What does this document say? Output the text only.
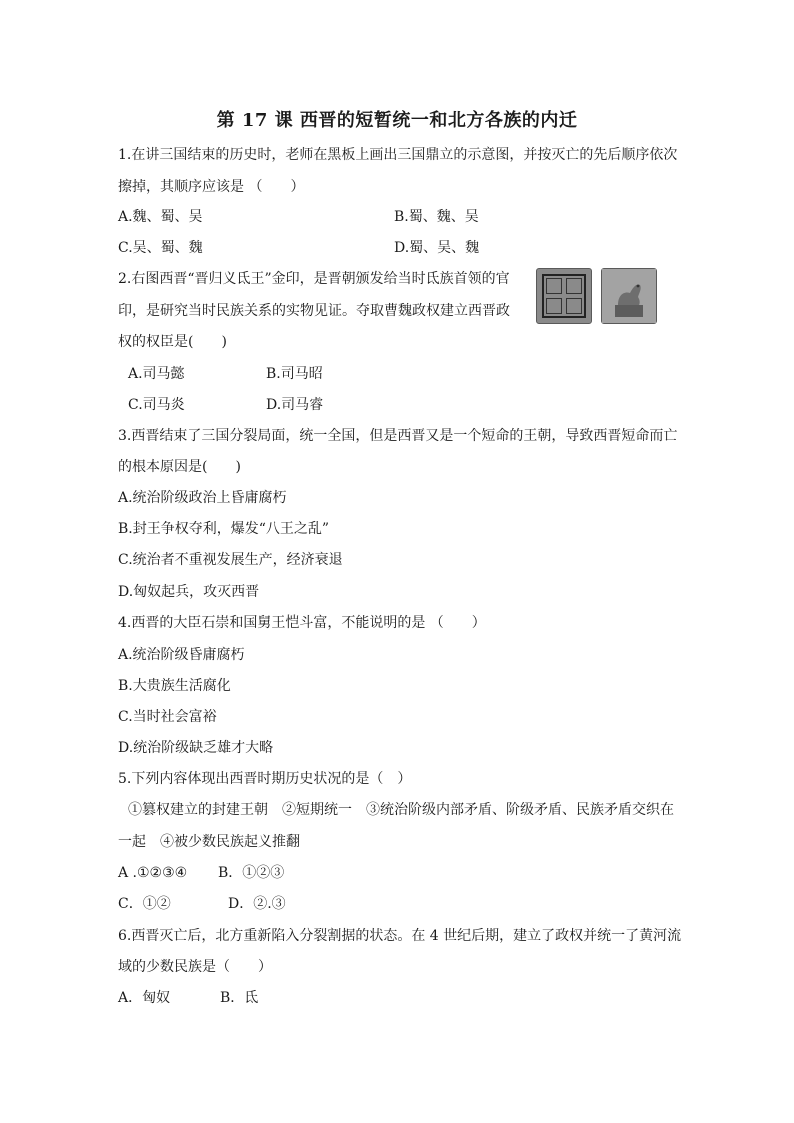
第 17 课 西晋的短暂统一和北方各族的内迁
1.在讲三国结束的历史时，老师在黑板上画出三国鼎立的示意图，并按灭亡的先后顺序依次
擦掉，其顺序应该是 （　　）
A.魏、蜀、吴	B.蜀、魏、吴
C.吴、蜀、魏	D.蜀、吴、魏
2.右图西晋“晋归义氐王”金印，是晋朝颁发给当时氐族首领的官
印，是研究当时民族关系的实物见证。夺取曹魏政权建立西晋政
权的权臣是(　　)
A.司马懿	B.司马昭
C.司马炎	D.司马睿
3.西晋结束了三国分裂局面，统一全国，但是西晋又是一个短命的王朝，导致西晋短命而亡
的根本原因是(　　)
A.统治阶级政治上昏庸腐朽
B.封王争权夺利，爆发“八王之乱”
C.统治者不重视发展生产，经济衰退
D.匈奴起兵，攻灭西晋
4.西晋的大臣石崇和国舅王恺斗富，不能说明的是 （　　）
A.统治阶级昏庸腐朽
B.大贵族生活腐化
C.当时社会富裕
D.统治阶级缺乏雄才大略
5.下列内容体现出西晋时期历史状况的是（　）
①篡权建立的封建王朝　②短期统一　③统治阶级内部矛盾、阶级矛盾、民族矛盾交织在
一起　④被少数民族起义推翻
A .①②③④ B．①②③
C．①②	D．②.③
6.西晋灭亡后，北方重新陷入分裂割据的状态。在 4 世纪后期，建立了政权并统一了黄河流
域的少数民族是（　　）
A．匈奴	B．氐
